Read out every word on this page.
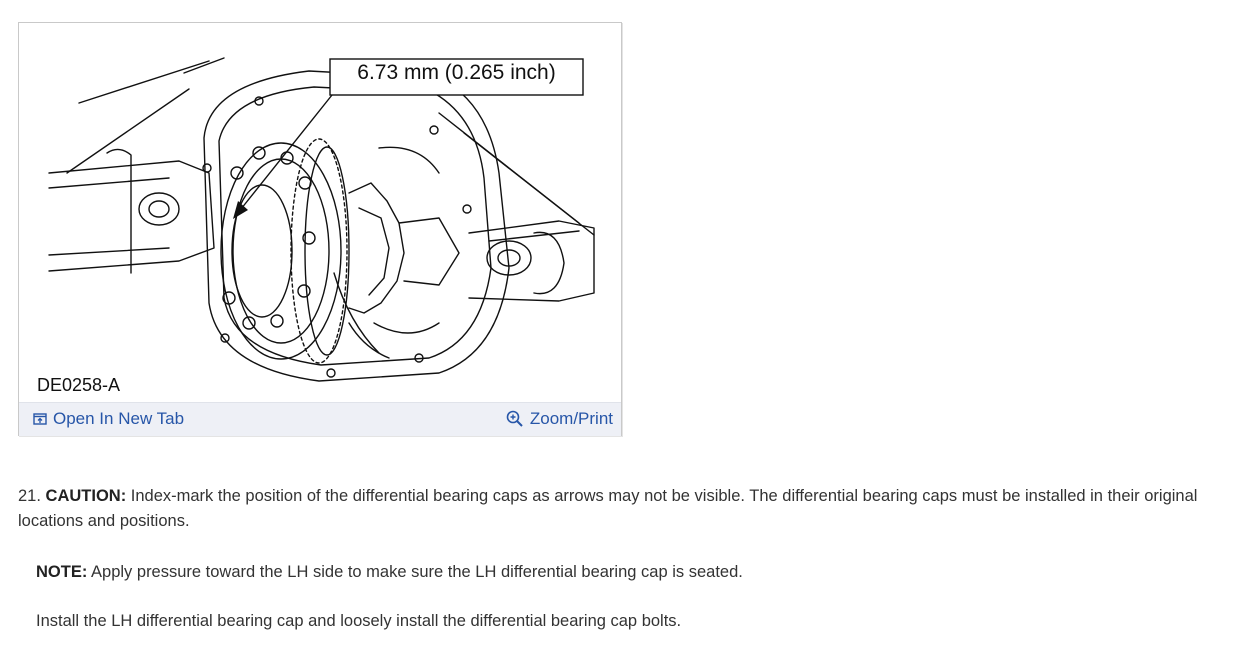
6.73 mm (0.265 inch)
DE0258-A
Open In New Tab	Zoom/Print
21. CAUTION: Index-mark the position of the differential bearing caps as arrows may not be visible. The differential bearing caps must be installed in their original locations and positions.
NOTE: Apply pressure toward the LH side to make sure the LH differential bearing cap is seated.
Install the LH differential bearing cap and loosely install the differential bearing cap bolts.
